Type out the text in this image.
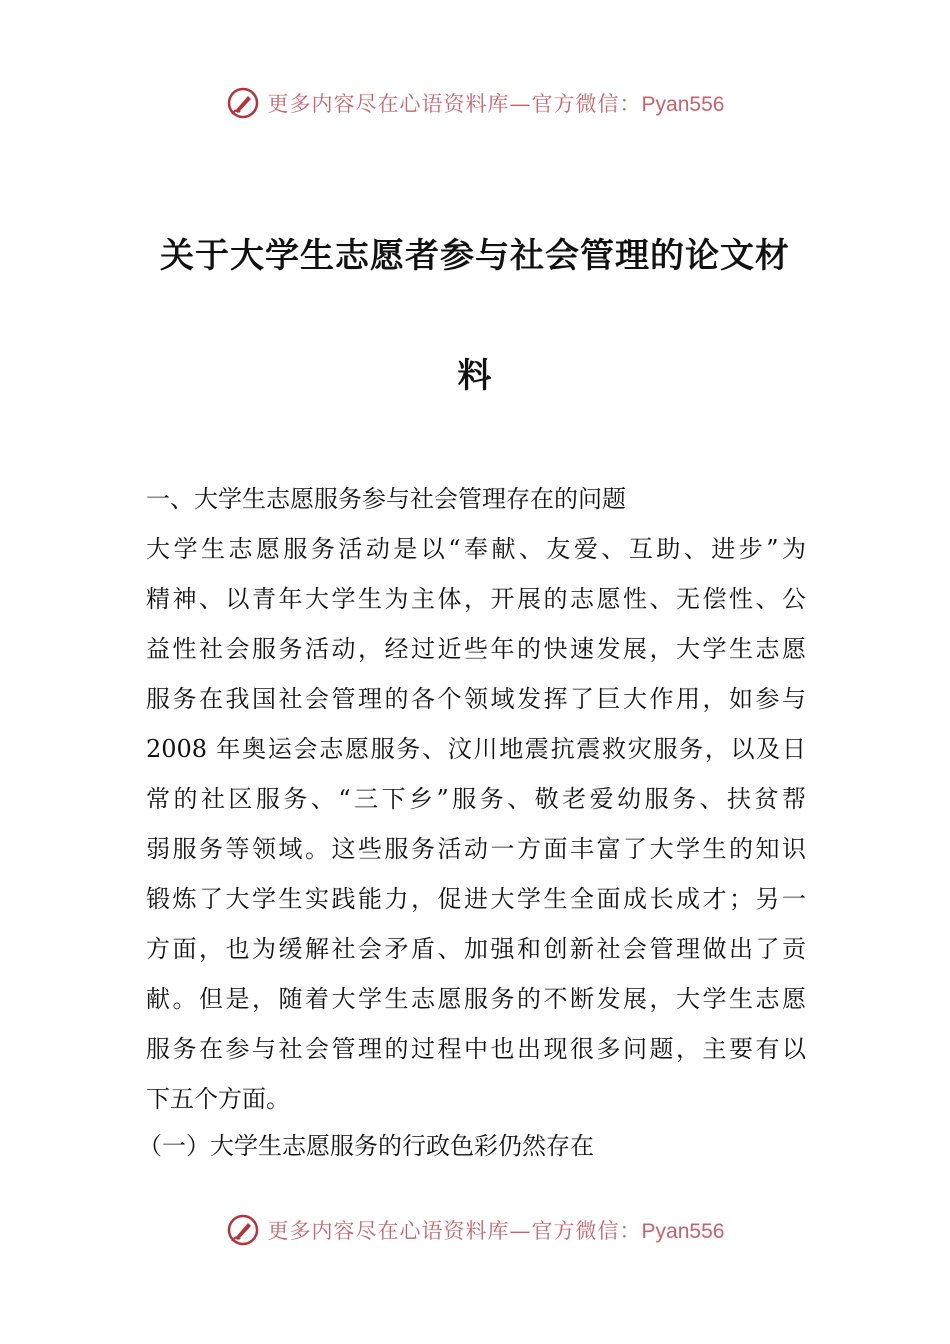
更多内容尽在心语资料库—官方微信：Pyan556
关于大学生志愿者参与社会管理的论文材
料
一、大学生志愿服务参与社会管理存在的问题
大学生志愿服务活动是以“奉献、友爱、互助、进步”为
精神、以青年大学生为主体，开展的志愿性、无偿性、公
益性社会服务活动，经过近些年的快速发展，大学生志愿
服务在我国社会管理的各个领域发挥了巨大作用，如参与
2008 年奥运会志愿服务、汶川地震抗震救灾服务，以及日
常的社区服务、“三下乡”服务、敬老爱幼服务、扶贫帮
弱服务等领域。这些服务活动一方面丰富了大学生的知识
锻炼了大学生实践能力，促进大学生全面成长成才；另一
方面，也为缓解社会矛盾、加强和创新社会管理做出了贡
献。但是，随着大学生志愿服务的不断发展，大学生志愿
服务在参与社会管理的过程中也出现很多问题，主要有以
下五个方面。
（一）大学生志愿服务的行政色彩仍然存在
更多内容尽在心语资料库—官方微信：Pyan556
